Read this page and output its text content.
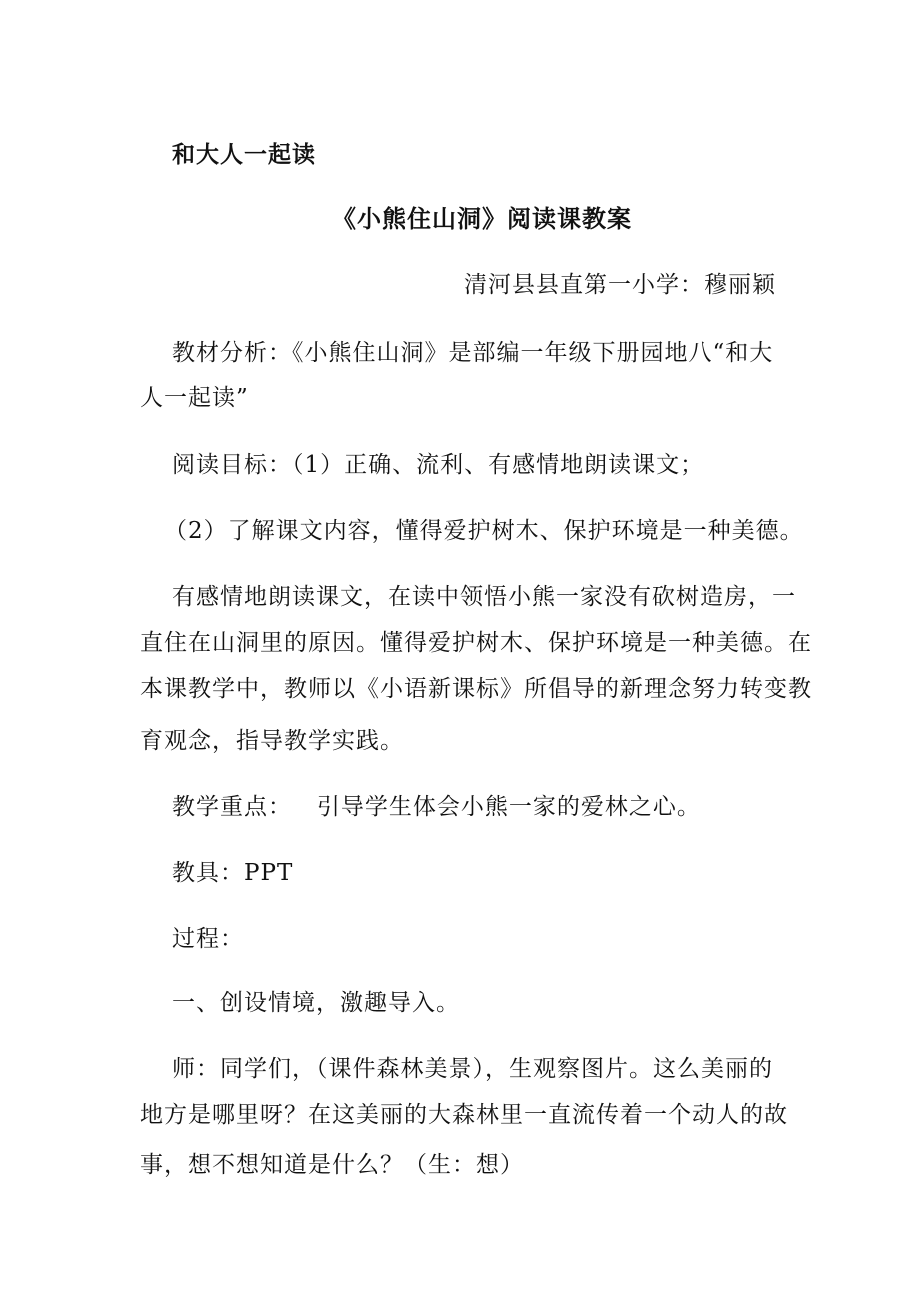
和大人一起读

《小熊住山洞》阅读课教案

清河县县直第一小学：穆丽颖

教材分析：《小熊住山洞》是部编一年级下册园地八“和大

人一起读”

阅读目标：（1）正确、流利、有感情地朗读课文；

（2）了解课文内容，懂得爱护树木、保护环境是一种美德。

有感情地朗读课文，在读中领悟小熊一家没有砍树造房，一

直住在山洞里的原因。懂得爱护树木、保护环境是一种美德。在

本课教学中，教师以《小语新课标》所倡导的新理念努力转变教

育观念，指导教学实践。

教学重点：   引导学生体会小熊一家的爱林之心。

教具：PPT

过程：

一、创设情境，激趣导入。

师：同学们，（课件森林美景），生观察图片。这么美丽的

地方是哪里呀？在这美丽的大森林里一直流传着一个动人的故

事，想不想知道是什么？（生：想）
